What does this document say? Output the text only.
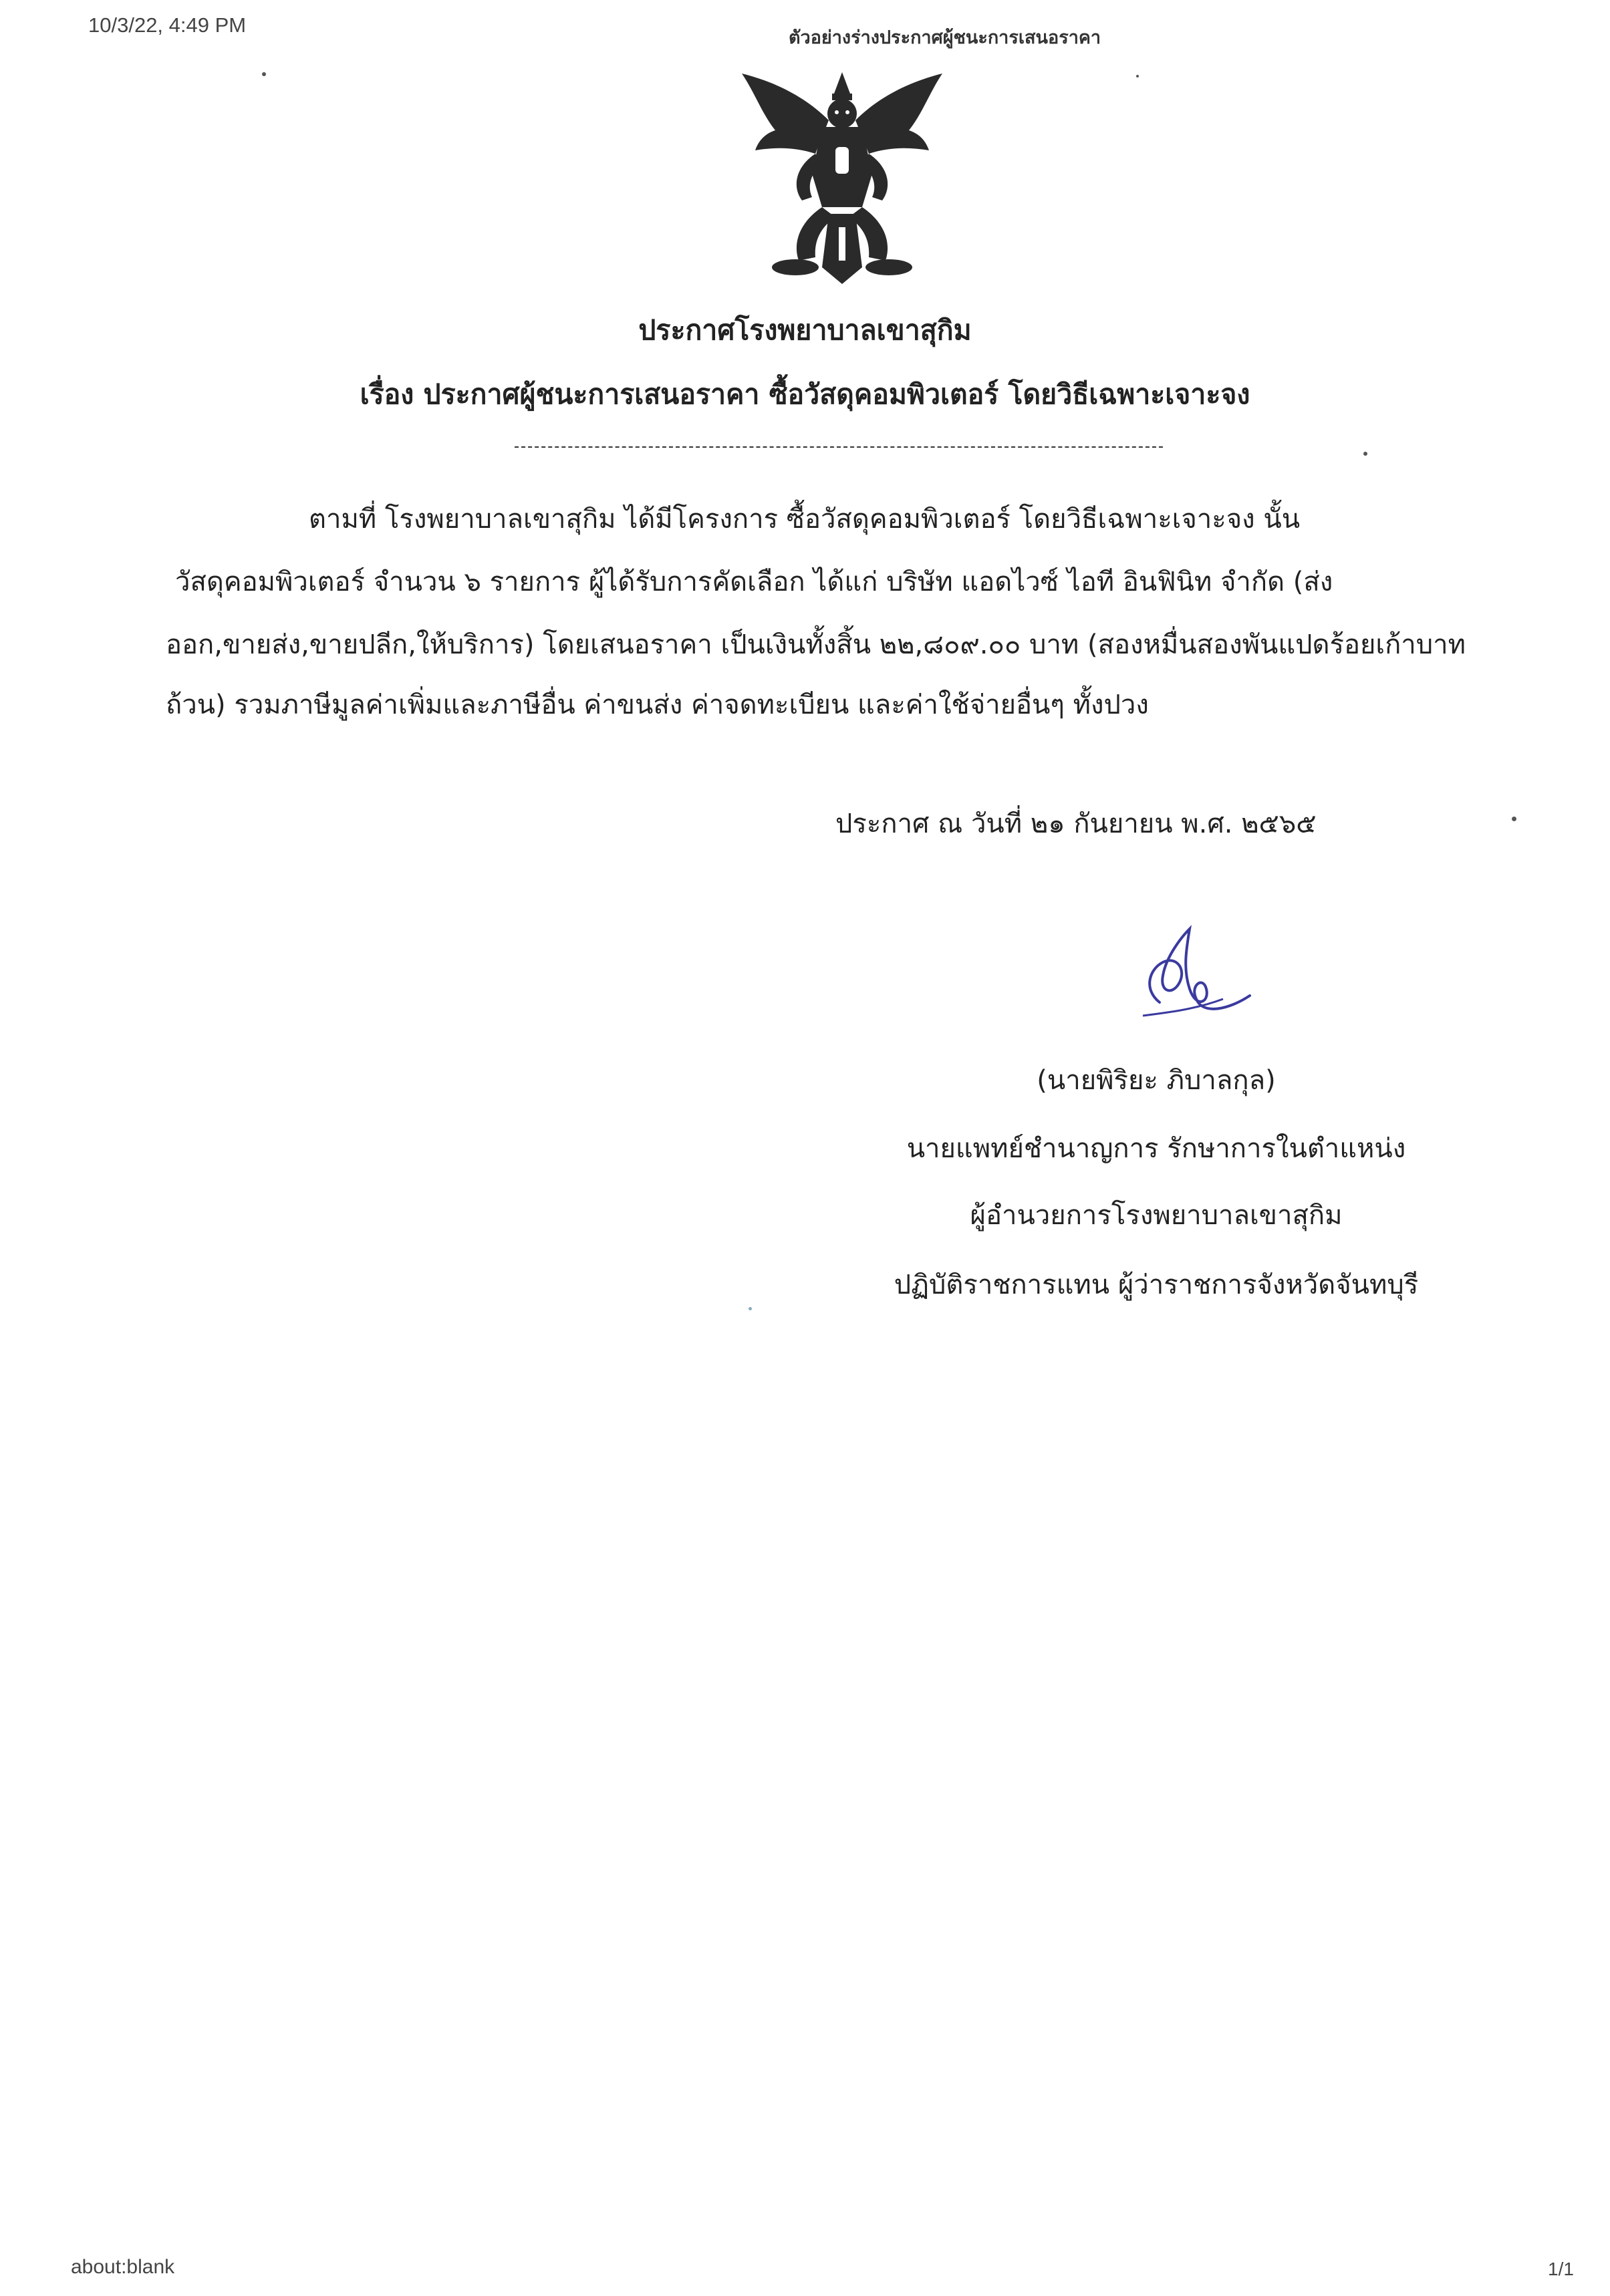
10/3/22, 4:49 PM
ตัวอย่างร่างประกาศผู้ชนะการเสนอราคา
ประกาศโรงพยาบาลเขาสุกิม
เรื่อง ประกาศผู้ชนะการเสนอราคา ซื้อวัสดุคอมพิวเตอร์ โดยวิธีเฉพาะเจาะจง
ตามที่ โรงพยาบาลเขาสุกิม ได้มีโครงการ ซื้อวัสดุคอมพิวเตอร์ โดยวิธีเฉพาะเจาะจง นั้น
วัสดุคอมพิวเตอร์ จำนวน ๖ รายการ ผู้ได้รับการคัดเลือก ได้แก่ บริษัท แอดไวซ์ ไอที อินฟินิท จำกัด (ส่ง
ออก,ขายส่ง,ขายปลีก,ให้บริการ) โดยเสนอราคา เป็นเงินทั้งสิ้น ๒๒,๘๐๙.๐๐ บาท (สองหมื่นสองพันแปดร้อยเก้าบาท
ถ้วน) รวมภาษีมูลค่าเพิ่มและภาษีอื่น ค่าขนส่ง ค่าจดทะเบียน และค่าใช้จ่ายอื่นๆ ทั้งปวง
ประกาศ ณ วันที่ ๒๑ กันยายน พ.ศ. ๒๕๖๕
(นายพิริยะ ภิบาลกุล)
นายแพทย์ชำนาญการ รักษาการในตำแหน่ง
ผู้อำนวยการโรงพยาบาลเขาสุกิม
ปฏิบัติราชการแทน ผู้ว่าราชการจังหวัดจันทบุรี
about:blank	1/1
